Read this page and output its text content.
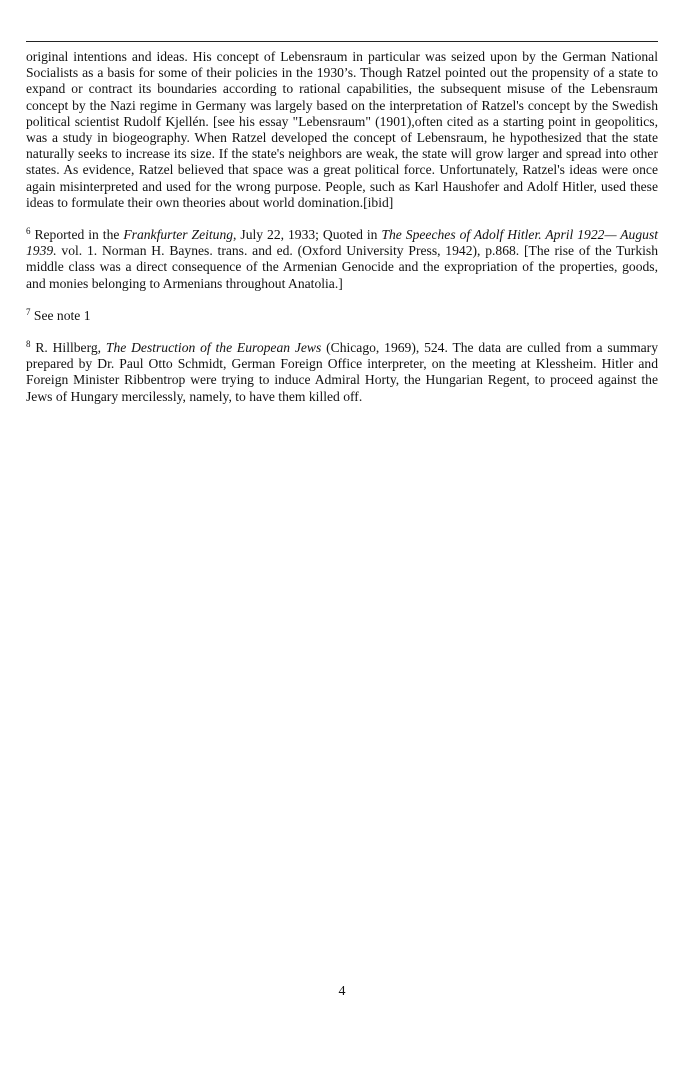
original intentions and ideas. His concept of Lebensraum in particular was seized upon by the German National Socialists as a basis for some of their policies in the 1930’s. Though Ratzel pointed out the propensity of a state to expand or contract its boundaries according to rational capabilities, the subsequent misuse of the Lebensraum concept by the Nazi regime in Germany was largely based on the interpretation of Ratzel's concept by the Swedish political scientist Rudolf Kjellén. [see his essay "Lebensraum" (1901),often cited as a starting point in geopolitics, was a study in biogeography. When Ratzel developed the concept of Lebensraum, he hypothesized that the state naturally seeks to increase its size. If the state's neighbors are weak, the state will grow larger and spread into other states. As evidence, Ratzel believed that space was a great political force. Unfortunately, Ratzel's ideas were once again misinterpreted and used for the wrong purpose. People, such as Karl Haushofer and Adolf Hitler, used these ideas to formulate their own theories about world domination.[ibid]

$^6$ Reported in the Frankfurter Zeitung, July 22, 1933; Quoted in The Speeches of Adolf Hitler. April 1922— August 1939. vol. 1. Norman H. Baynes. trans. and ed. (Oxford University Press, 1942), p.868. [The rise of the Turkish middle class was a direct consequence of the Armenian Genocide and the expropriation of the properties, goods, and monies belonging to Armenians throughout Anatolia.]

$^7$ See note 1

$^8$ R. Hillberg, The Destruction of the European Jews (Chicago, 1969), 524. The data are culled from a summary prepared by Dr. Paul Otto Schmidt, German Foreign Office interpreter, on the meeting at Klessheim. Hitler and Foreign Minister Ribbentrop were trying to induce Admiral Horty, the Hungarian Regent, to proceed against the Jews of Hungary mercilessly, namely, to have them killed off.

4
